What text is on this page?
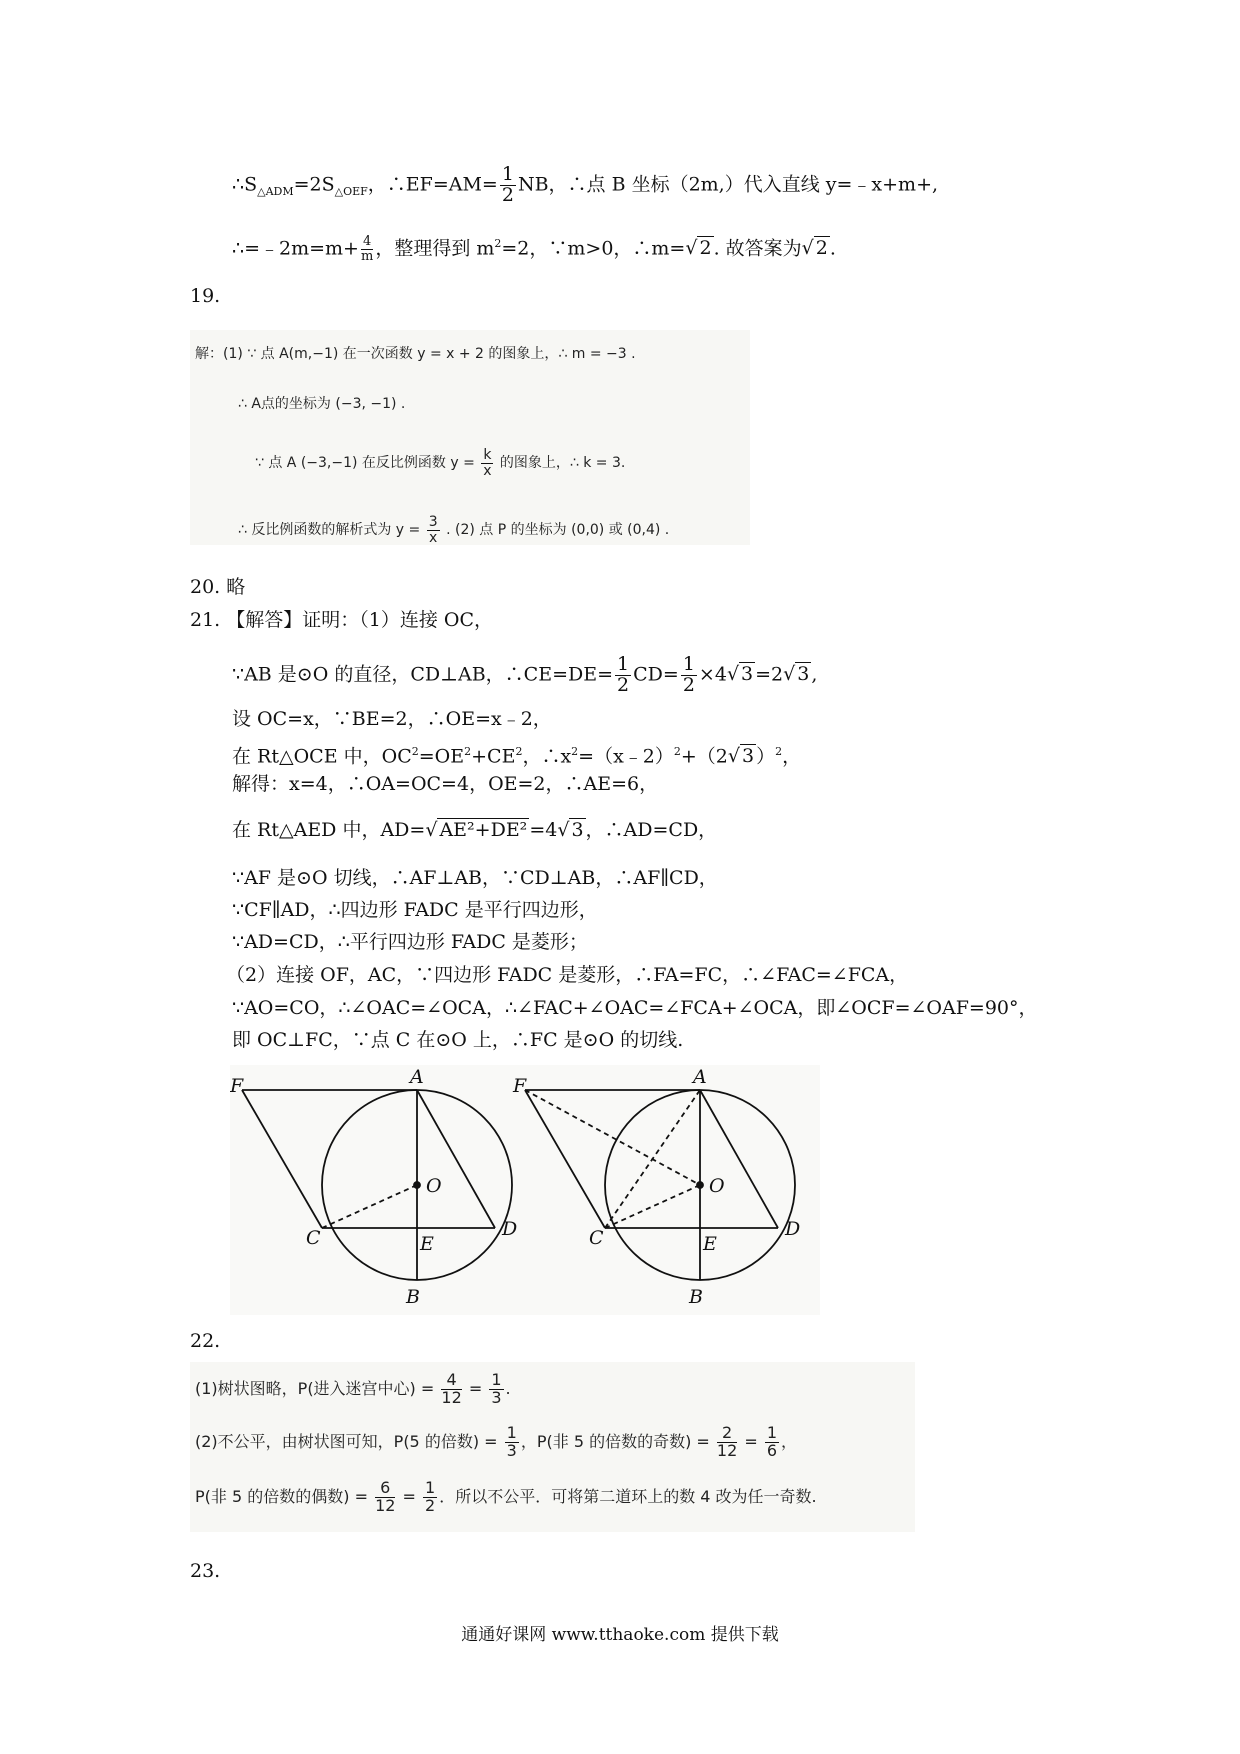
$\therefore S_{\triangle ADM}=2S_{\triangle OEF}$，∴EF=AM= $\frac{1}{2}$ NB，∴点 B 坐标（2m,）代入直线 y=﹣x+m+,
∴=﹣2m=m+ $\frac{4}{m}$ ，整理得到 $m^2=2$，∵m>0，∴m=√ 2 . 故答案为√ 2 .
19.
解：(1) ∵ 点 A(m,−1) 在一次函数 y = x + 2 的图象上，∴ m = −3 .
∴ A点的坐标为 (−3, −1) .
∵ 点 A (−3,−1) 在反比例函数 $y = \frac{k}{x}$ 的图象上，∴ k = 3.
∴ 反比例函数的解析式为 $y = \frac{3}{x}$ . (2) 点 P 的坐标为 (0,0) 或 (0,4) .
20. 略
21. 【解答】证明：（1）连接 OC，
∵AB 是⊙O 的直径，CD⊥AB，∴CE=DE= $\frac{1}{2} CD= \frac{1}{2} \times 4√$ 3 =2√ 3 ,
设 OC=x，∵BE=2，∴OE=x﹣2，
在 Rt△OCE 中，$OC^2=OE^2+CE^2$，$\therefore x^2=(x﹣2)^2+(2√$ 3 ）$^2$，
解得：x=4，∴OA=OC=4，OE=2，∴AE=6，
在 Rt△AED 中，AD=√ AE²+DE² =4√ 3 ，∴AD=CD，
∵AF 是⊙O 切线，∴AF⊥AB，∵CD⊥AB，∴AF∥CD，
∵CF∥AD，∴四边形 FADC 是平行四边形，
∵AD=CD，∴平行四边形 FADC 是菱形；
（2）连接 OF，AC，∵四边形 FADC 是菱形，∴FA=FC，∴∠FAC=∠FCA，
∵AO=CO，∴∠OAC=∠OCA，∴∠FAC+∠OAC=∠FCA+∠OCA，即∠OCF=∠OAF=90°，
即 OC⊥FC，∵点 C 在⊙O 上，∴FC 是⊙O 的切线.
F	A
O
C	E
D
B
F	A
O
C	E
D
B
22.
(1)树状图略，P(进入迷宫中心) = $\frac{4}{12} = \frac{1}{3}$ .
(2)不公平，由树状图可知，P(5 的倍数) = $\frac{1}{3}$ ，P(非 5 的倍数的奇数) = $\frac{2}{12} = \frac{1}{6}$ ，
P(非 5 的倍数的偶数) = $\frac{6}{12} = \frac{1}{2}$ ．所以不公平．可将第二道环上的数 4 改为任一奇数.
23.
通通好课网 www.tthaoke.com 提供下载
